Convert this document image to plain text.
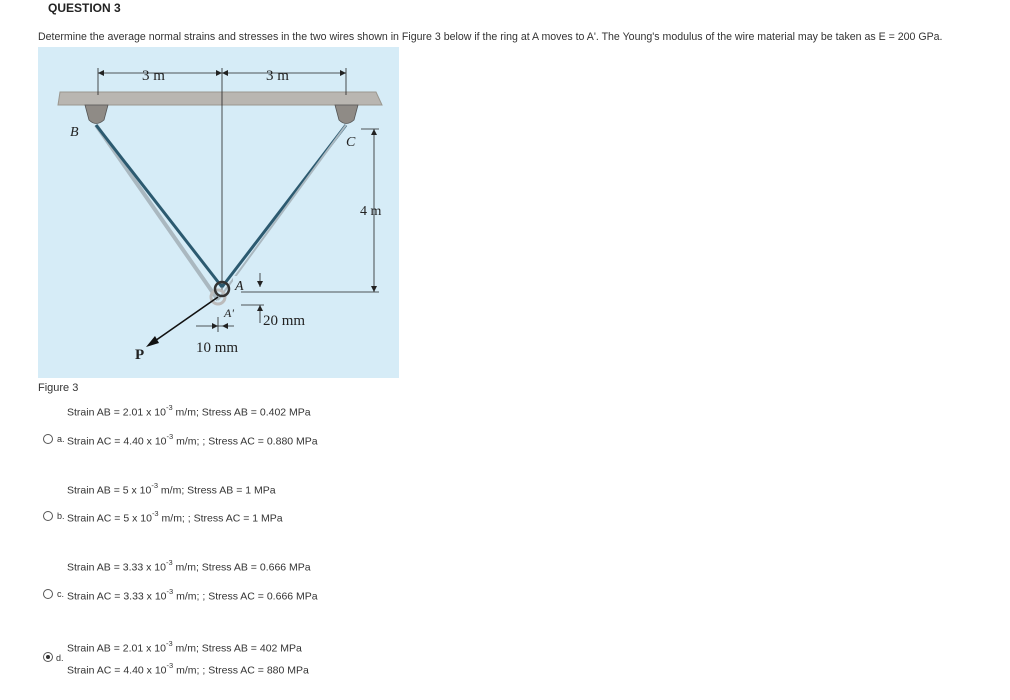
QUESTION 3
Determine the average normal strains and stresses in the two wires shown in Figure 3 below if the ring at A moves to A'. The Young's modulus of the wire material may be taken as E = 200 GPa.
3 m	3 m
B
C
4 m
A
A' 20 mm
10 mm
P
Figure 3
Strain AB = 2.01 x $10^{-3}$ m/m; Stress AB = 0.402 MPa
a. Strain AC = 4.40 x $10^{-3}$ m/m; ; Stress AC = 0.880 MPa
Strain AB = 5 x $10^{-3}$ m/m; Stress AB = 1 MPa
b. Strain AC = 5 x $10^{-3}$ m/m; ; Stress AC = 1 MPa
Strain AB = 3.33 x $10^{-3}$ m/m; Stress AB = 0.666 MPa
c. Strain AC = 3.33 x $10^{-3}$ m/m; ; Stress AC = 0.666 MPa
Strain AB = 2.01 x $10^{-3}$ m/m; Stress AB = 402 MPa
d.
Strain AC = 4.40 x $10^{-3}$ m/m; ; Stress AC = 880 MPa
